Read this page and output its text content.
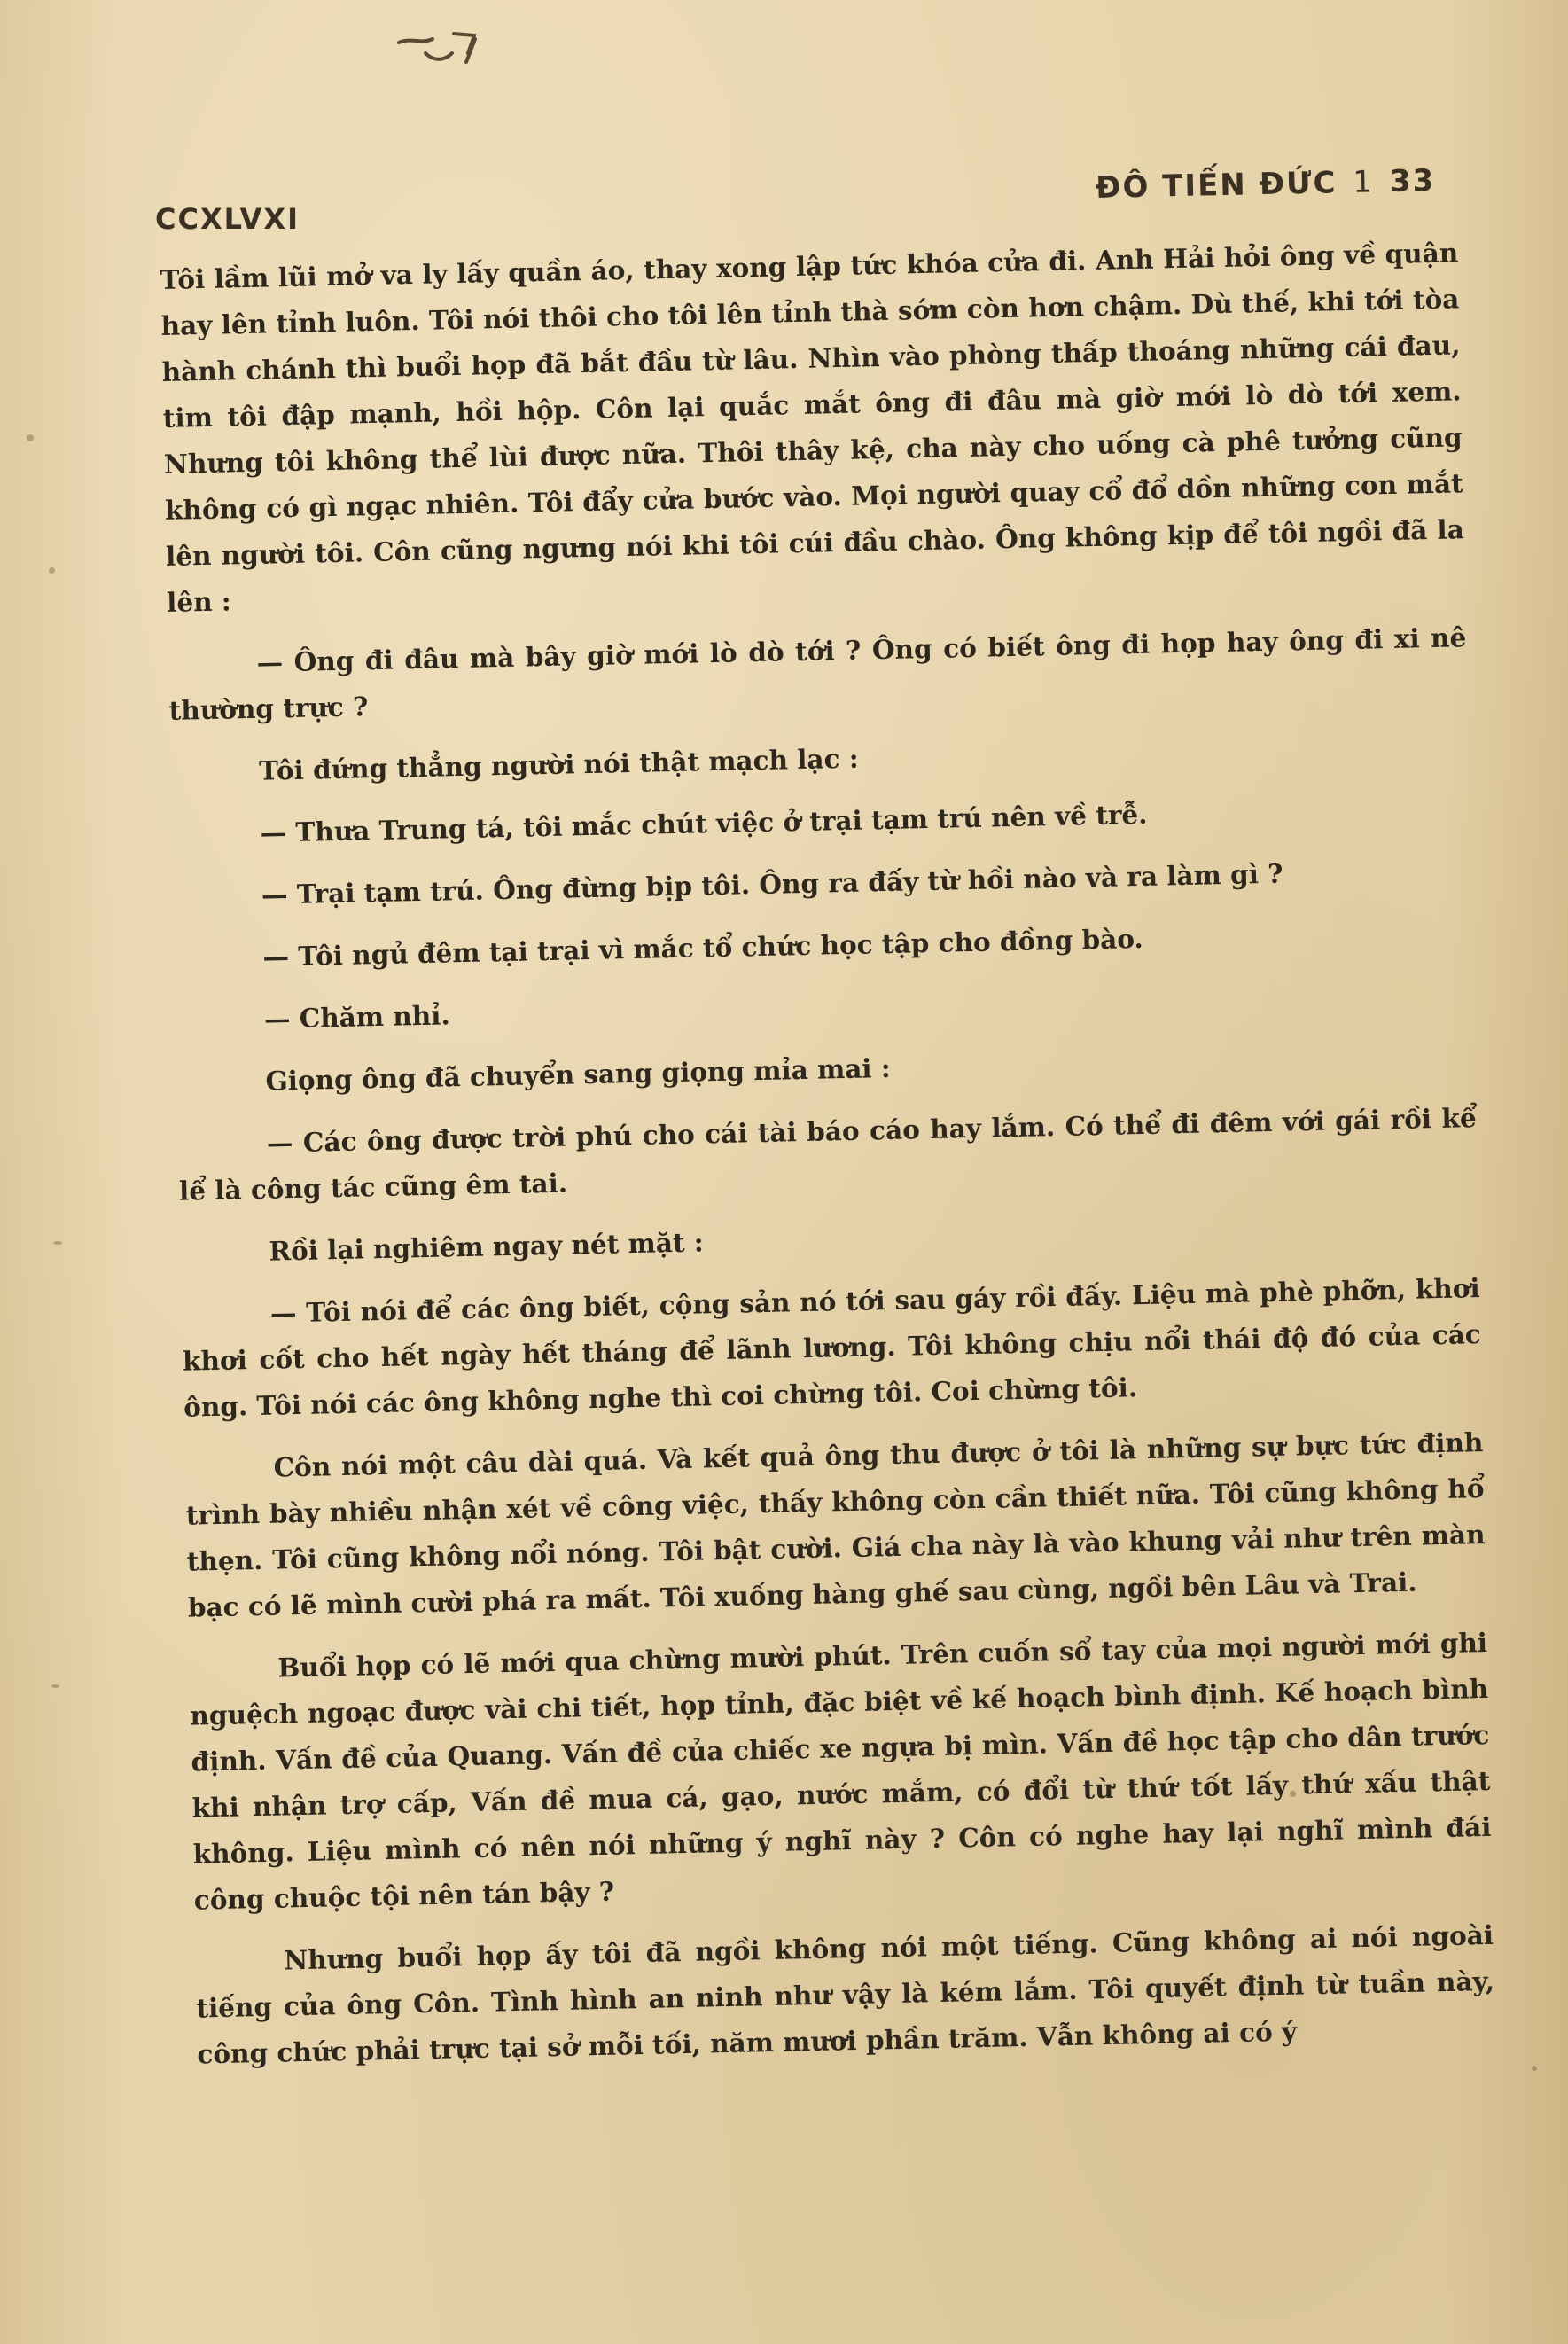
CCXLVXI
ĐÔ TIẾN ĐỨC 1 33

Tôi lầm lũi mở va ly lấy quần áo, thay xong lập tức khóa cửa đi. Anh Hải hỏi ông về quận hay lên tỉnh luôn. Tôi nói thôi cho tôi lên tỉnh thà sớm còn hơn chậm. Dù thế, khi tới tòa hành chánh thì buổi họp đã bắt đầu từ lâu. Nhìn vào phòng thấp thoáng những cái đau, tim tôi đập mạnh, hồi hộp. Côn lại quắc mắt ông đi đâu mà giờ mới lò dò tới xem. Nhưng tôi không thể lùi được nữa. Thôi thây kệ, cha này cho uống cà phê tưởng cũng không có gì ngạc nhiên. Tôi đẩy cửa bước vào. Mọi người quay cổ đổ dồn những con mắt lên người tôi. Côn cũng ngưng nói khi tôi cúi đầu chào. Ông không kịp để tôi ngồi đã la lên :

— Ông đi đâu mà bây giờ mới lò dò tới ? Ông có biết ông đi họp hay ông đi xi nê thường trực ?

Tôi đứng thẳng người nói thật mạch lạc :

— Thưa Trung tá, tôi mắc chút việc ở trại tạm trú nên về trễ.

— Trại tạm trú. Ông đừng bịp tôi. Ông ra đấy từ hồi nào và ra làm gì ?

— Tôi ngủ đêm tại trại vì mắc tổ chức học tập cho đồng bào.

— Chăm nhỉ.

Giọng ông đã chuyển sang giọng mỉa mai :

— Các ông được trời phú cho cái tài báo cáo hay lắm. Có thể đi đêm với gái rồi kể lể là công tác cũng êm tai.

Rồi lại nghiêm ngay nét mặt :

— Tôi nói để các ông biết, cộng sản nó tới sau gáy rồi đấy. Liệu mà phè phỡn, khơi khơi cốt cho hết ngày hết tháng để lãnh lương. Tôi không chịu nổi thái độ đó của các ông. Tôi nói các ông không nghe thì coi chừng tôi. Coi chừng tôi.

Côn nói một câu dài quá. Và kết quả ông thu được ở tôi là những sự bực tức định trình bày nhiều nhận xét về công việc, thấy không còn cần thiết nữa. Tôi cũng không hổ thẹn. Tôi cũng không nổi nóng. Tôi bật cười. Giá cha này là vào khung vải như trên màn bạc có lẽ mình cười phá ra mất. Tôi xuống hàng ghế sau cùng, ngồi bên Lâu và Trai.

Buổi họp có lẽ mới qua chừng mười phút. Trên cuốn sổ tay của mọi người mới ghi nguệch ngoạc được vài chi tiết, họp tỉnh, đặc biệt về kế hoạch bình định. Kế hoạch bình định. Vấn đề của Quang. Vấn đề của chiếc xe ngựa bị mìn. Vấn đề học tập cho dân trước khi nhận trợ cấp, Vấn đề mua cá, gạo, nước mắm, có đổi từ thứ tốt lấy thứ xấu thật không. Liệu mình có nên nói những ý nghĩ này ? Côn có nghe hay lại nghĩ mình đái công chuộc tội nên tán bậy ?

Nhưng buổi họp ấy tôi đã ngồi không nói một tiếng. Cũng không ai nói ngoài tiếng của ông Côn. Tình hình an ninh như vậy là kém lắm. Tôi quyết định từ tuần này, công chức phải trực tại sở mỗi tối, năm mươi phần trăm. Vẫn không ai có ý
